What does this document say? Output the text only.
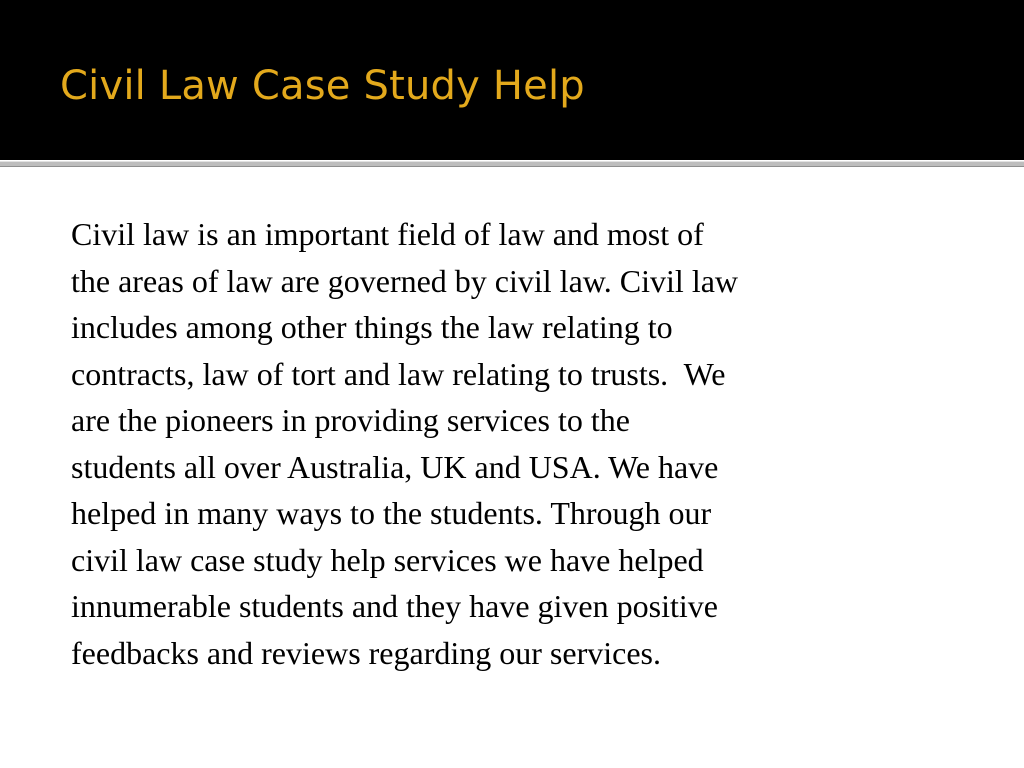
Civil Law Case Study Help

Civil law is an important field of law and most of
the areas of law are governed by civil law. Civil law
includes among other things the law relating to
contracts, law of tort and law relating to trusts.  We
are the pioneers in providing services to the
students all over Australia, UK and USA. We have
helped in many ways to the students. Through our
civil law case study help services we have helped
innumerable students and they have given positive
feedbacks and reviews regarding our services.
